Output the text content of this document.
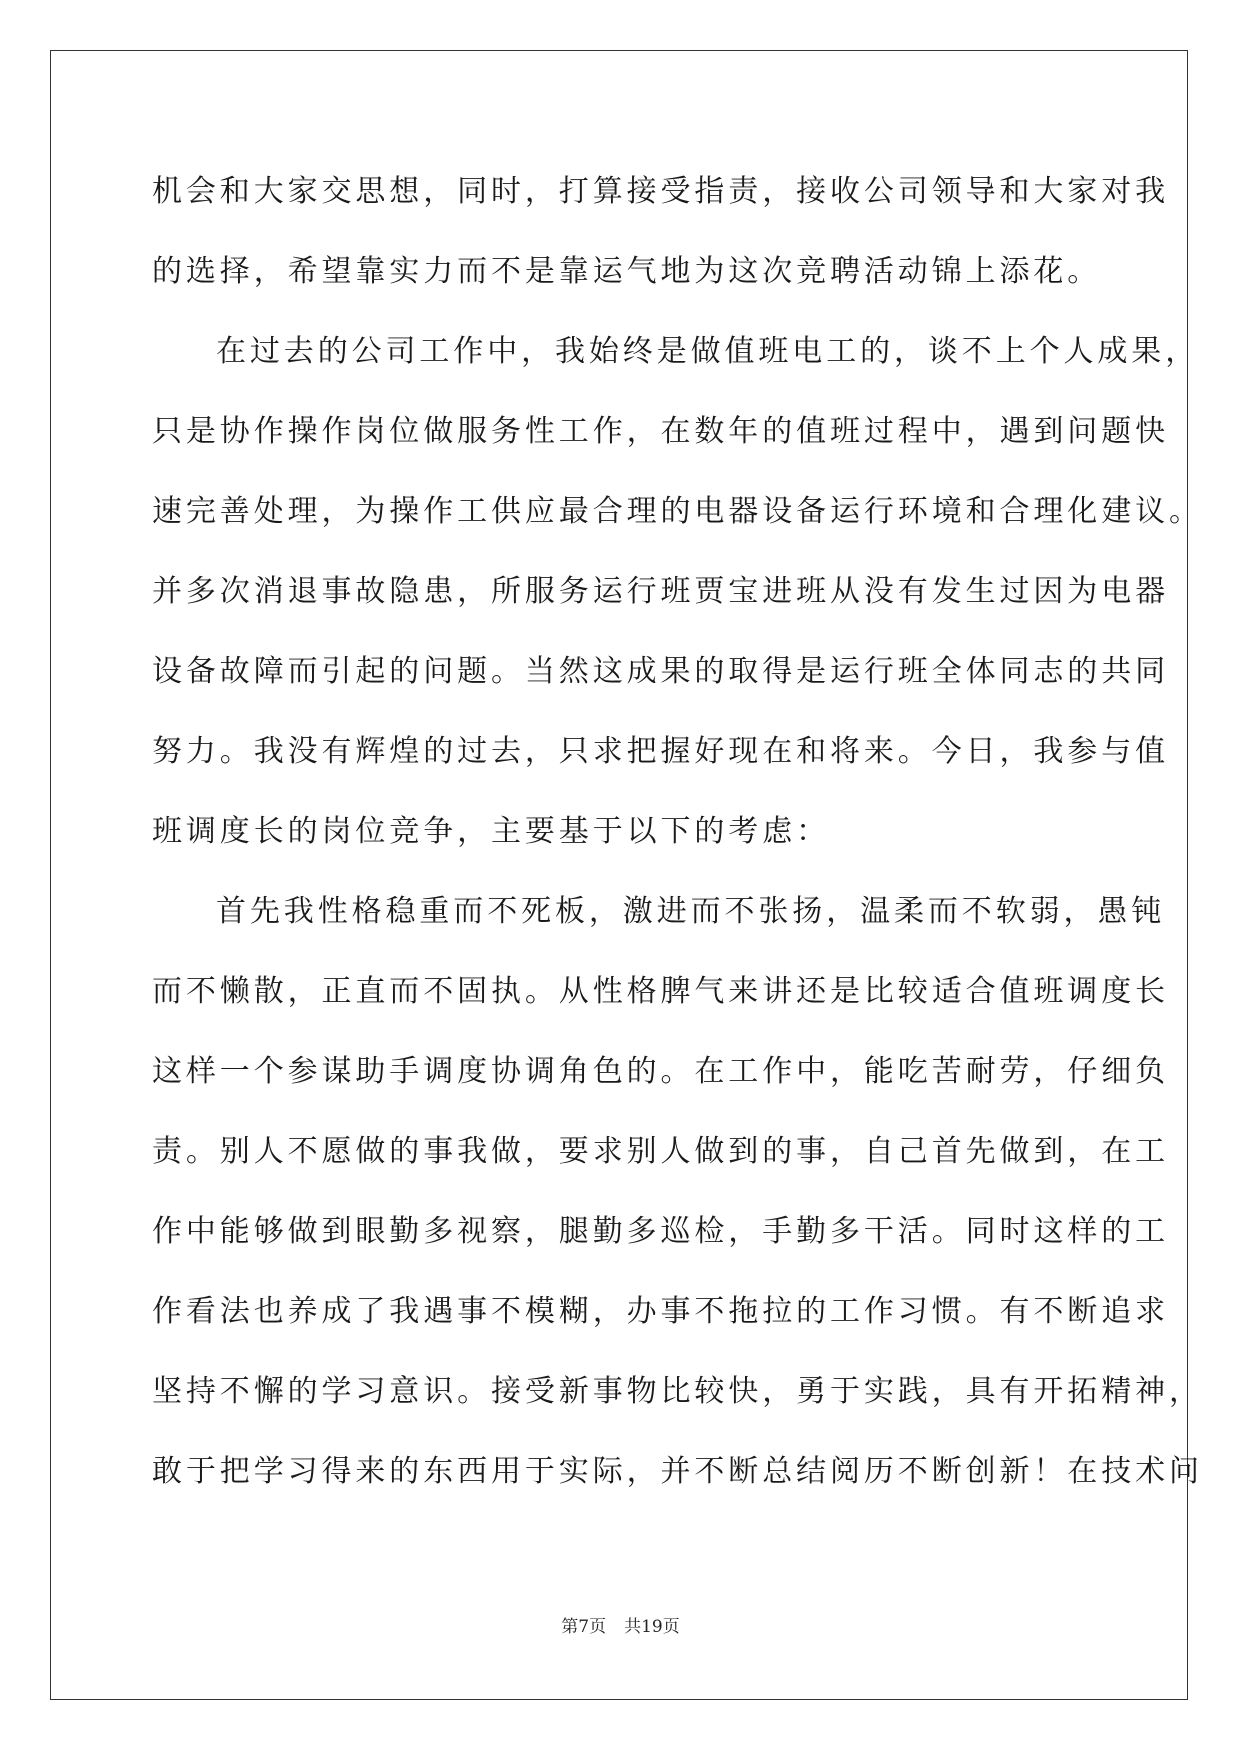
机会和大家交思想，同时，打算接受指责，接收公司领导和大家对我
的选择，希望靠实力而不是靠运气地为这次竞聘活动锦上添花。
在过去的公司工作中，我始终是做值班电工的，谈不上个人成果，
只是协作操作岗位做服务性工作，在数年的值班过程中，遇到问题快
速完善处理，为操作工供应最合理的电器设备运行环境和合理化建议。
并多次消退事故隐患，所服务运行班贾宝进班从没有发生过因为电器
设备故障而引起的问题。当然这成果的取得是运行班全体同志的共同
努力。我没有辉煌的过去，只求把握好现在和将来。今日，我参与值
班调度长的岗位竞争，主要基于以下的考虑：
首先我性格稳重而不死板，激进而不张扬，温柔而不软弱，愚钝
而不懒散，正直而不固执。从性格脾气来讲还是比较适合值班调度长
这样一个参谋助手调度协调角色的。在工作中，能吃苦耐劳，仔细负
责。别人不愿做的事我做，要求别人做到的事，自己首先做到，在工
作中能够做到眼勤多视察，腿勤多巡检，手勤多干活。同时这样的工
作看法也养成了我遇事不模糊，办事不拖拉的工作习惯。有不断追求
坚持不懈的学习意识。接受新事物比较快，勇于实践，具有开拓精神，
敢于把学习得来的东西用于实际，并不断总结阅历不断创新！在技术问
第7页 共19页
